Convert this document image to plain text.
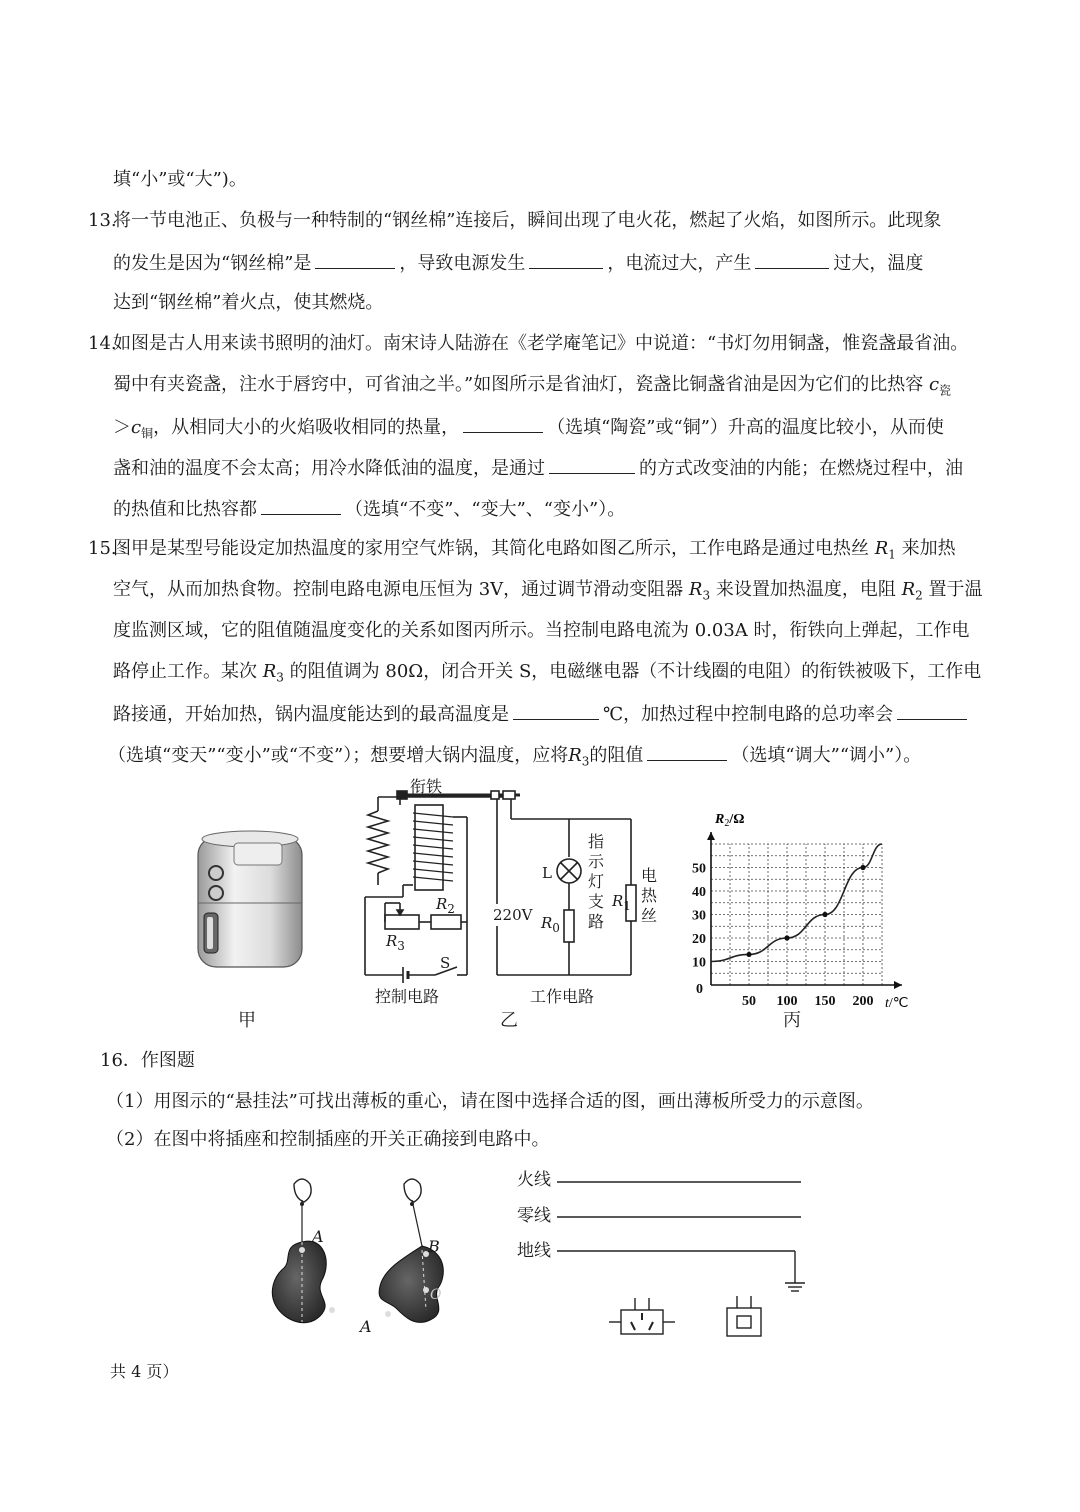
填“小”或“大”)。
13.
将一节电池正、负极与一种特制的“钢丝棉”连接后，瞬间出现了电火花，燃起了火焰，如图所示。此现象
的发生是因为“钢丝棉”是	，导致电源发生	，电流过大，产生	过大，温度
达到“钢丝棉”着火点，使其燃烧。
14.
如图是古人用来读书照明的油灯。南宋诗人陆游在《老学庵笔记》中说道：“书灯勿用铜盏，惟瓷盏最省油。
蜀中有夹瓷盏，注水于唇窍中，可省油之半。”如图所示是省油灯，瓷盏比铜盏省油是因为它们的比热容 $c_瓷$
$>c_铜$，从相同大小的火焰吸收相同的热量，	（选填“陶瓷”或“铜”）升高的温度比较小，从而使
盏和油的温度不会太高；用冷水降低油的温度，是通过	的方式改变油的内能；在燃烧过程中，油
的热值和比热容都	（选填“不变”、“变大”、“变小”）。
15.
图甲是某型号能设定加热温度的家用空气炸锅，其简化电路如图乙所示，工作电路是通过电热丝 $R_1$ 来加热
空气，从而加热食物。控制电路电源电压恒为 3V，通过调节滑动变阻器 $R_3$ 来设置加热温度，电阻 $R_2$ 置于温
度监测区域，它的阻值随温度变化的关系如图丙所示。当控制电路电流为 0.03A 时，衔铁向上弹起，工作电
路停止工作。某次 $R_3$ 的阻值调为 80Ω，闭合开关 S，电磁继电器（不计线圈的电阻）的衔铁被吸下，工作电
路接通，开始加热，锅内温度能达到的最高温度是	℃，加热过程中控制电路的总功率会
（选填“变天”“变小”或“不变”）；想要增大锅内温度，应将$R_3$的阻值	（选填“调大”“调小”）。
甲
衔铁
$R_2$
$R_3$
S
控制电路
220V
L
$R_0$
指示灯支路
$R_1$
电热丝
工作电路
乙
50 100 150 200
10
20
30
40
50
0
$R_2/\Omega$
t/℃
丙
16．作图题
（1）用图示的“悬挂法”可找出薄板的重心，请在图中选择合适的图，画出薄板所受力的示意图。
（2）在图中将插座和控制插座的开关正确接到电路中。
A
A
B
O
火线
零线
地线
共 4 页）
